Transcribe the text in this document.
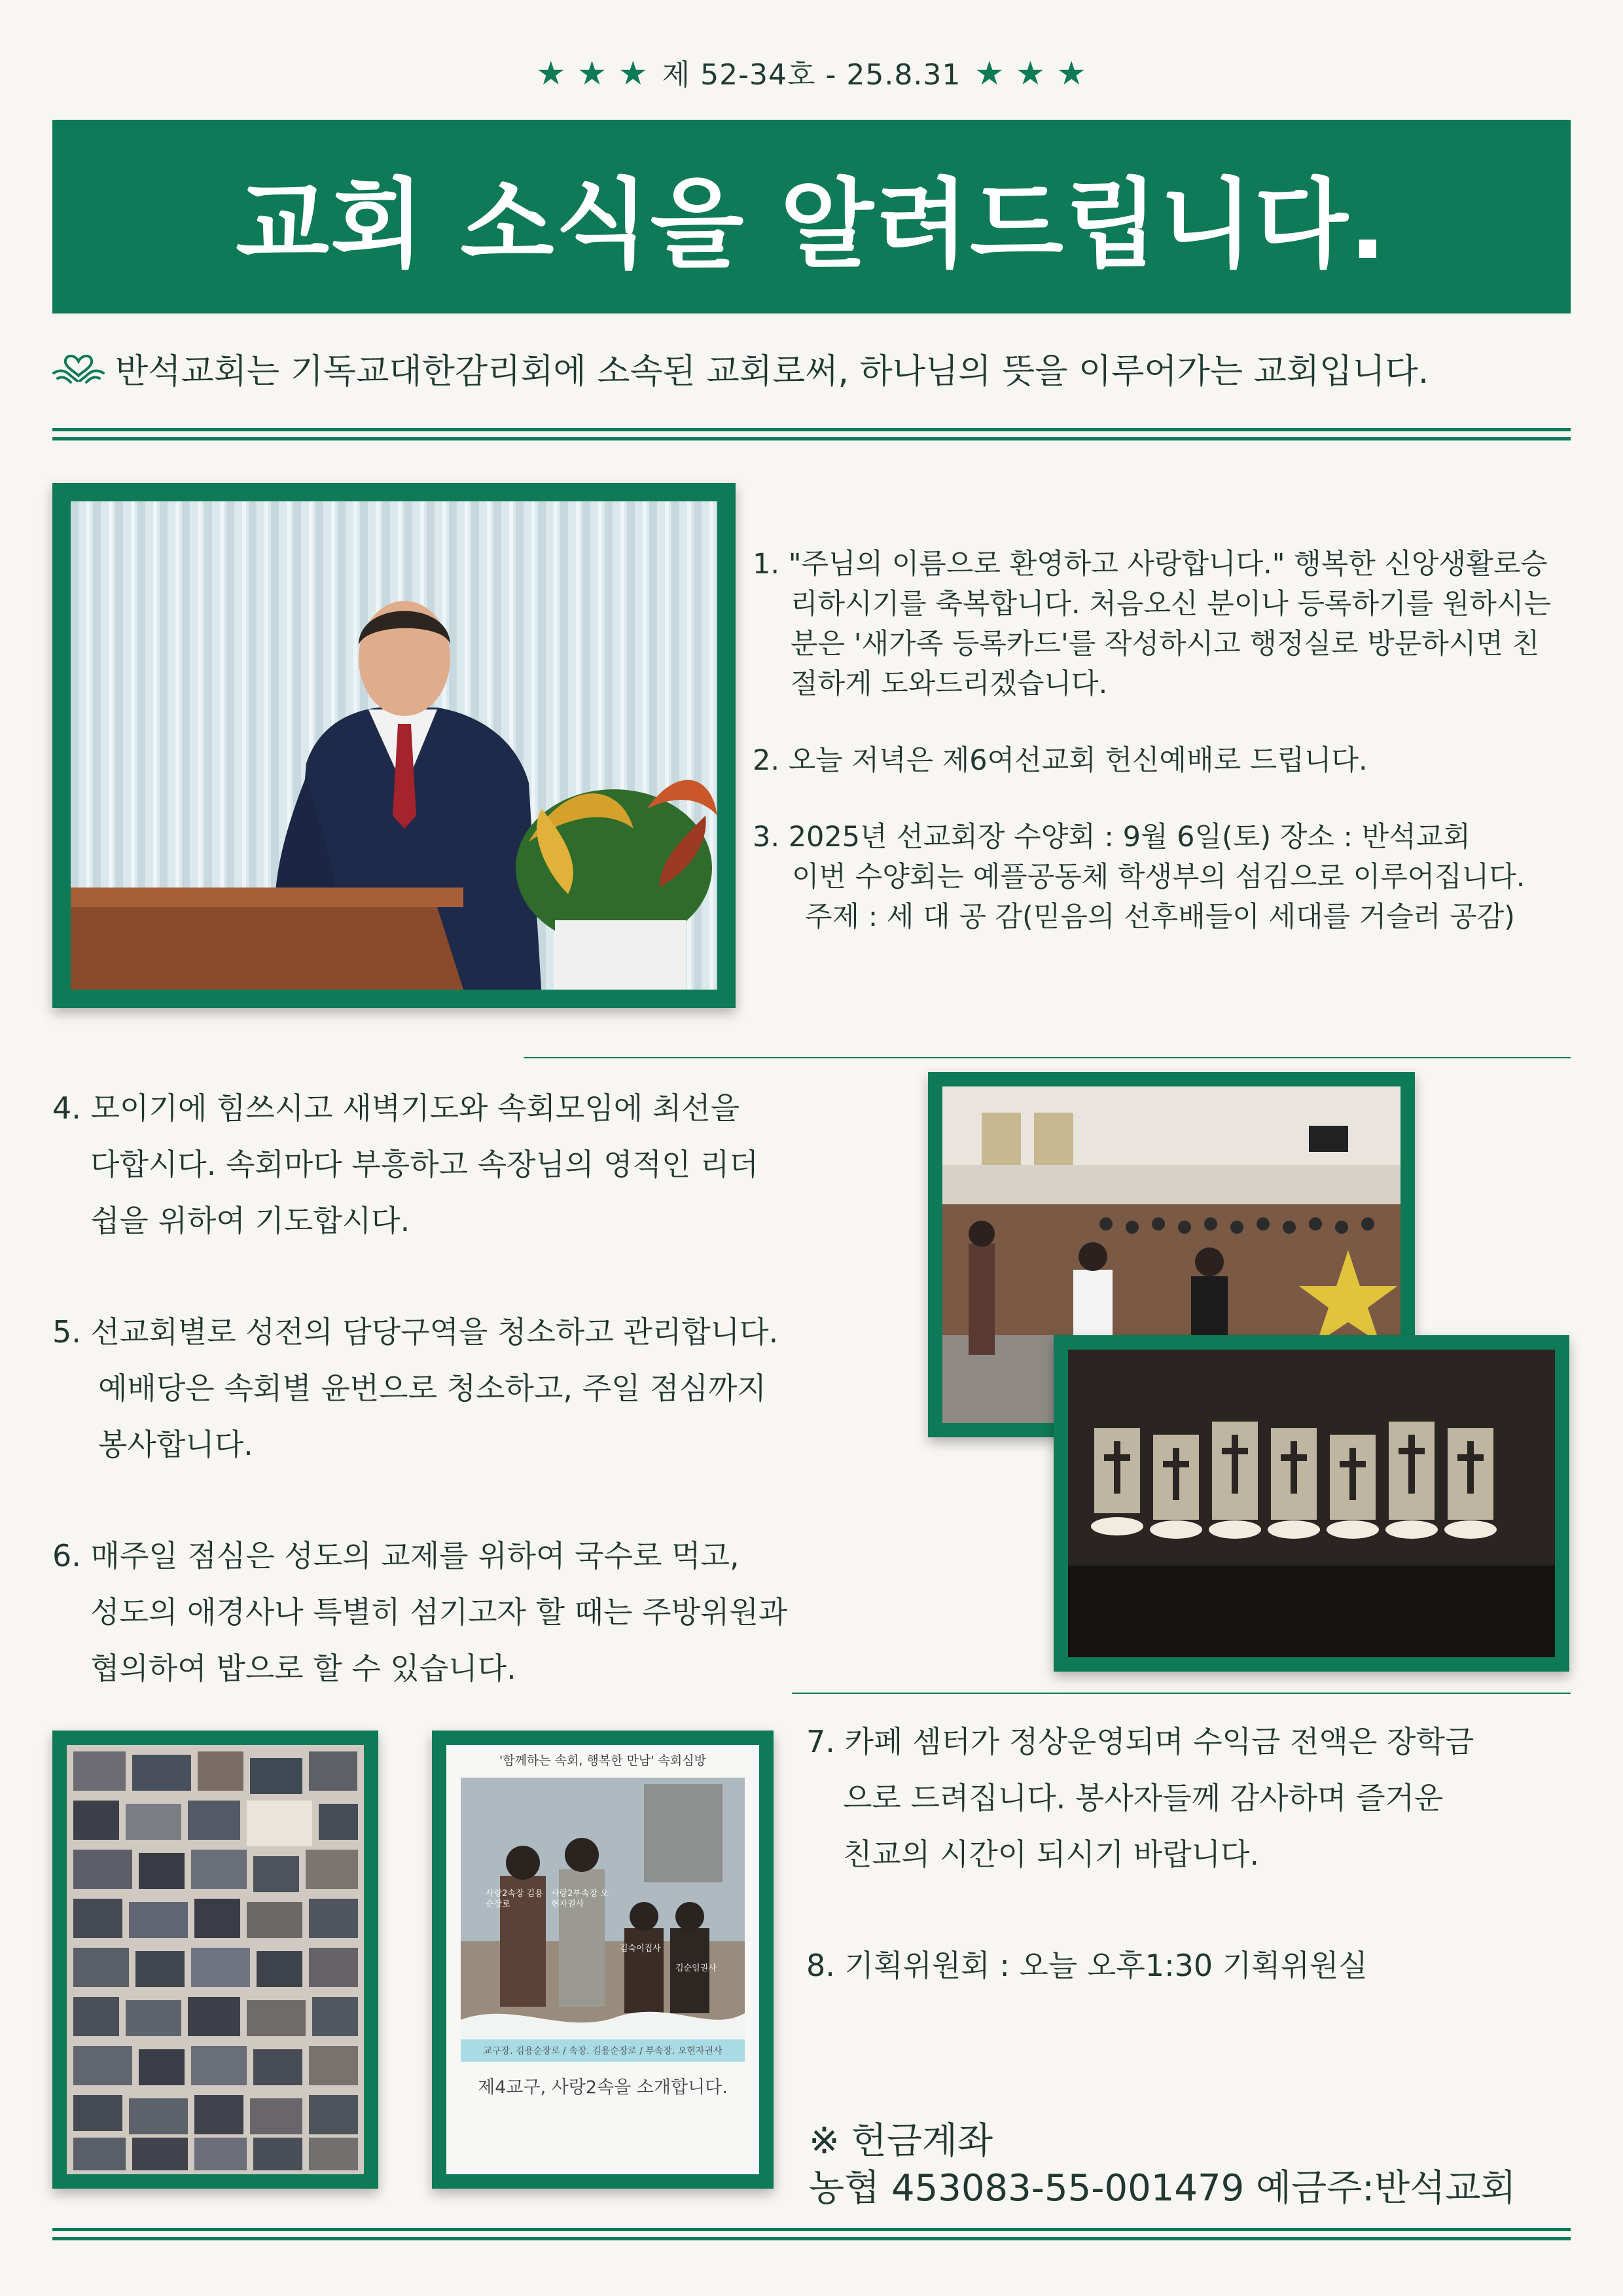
★ ★ ★ 제 52-34호 - 25.8.31 ★ ★ ★
교회 소식을 알려드립니다.
반석교회는 기독교대한감리회에 소속된 교회로써, 하나님의 뜻을 이루어가는 교회입니다.

1. "주님의 이름으로 환영하고 사랑합니다." 행복한 신앙생활로승

리하시기를 축복합니다. 처음오신 분이나 등록하기를 원하시는

분은 '새가족 등록카드'를 작성하시고 행정실로 방문하시면 친

절하게 도와드리겠습니다.

2. 오늘 저녁은 제6여선교회 헌신예배로 드립니다.

3. 2025년 선교회장 수양회 : 9월 6일(토) 장소 : 반석교회

이번 수양회는 예플공동체 학생부의 섬김으로 이루어집니다.

주제 : 세 대 공 감(믿음의 선후배들이 세대를 거슬러 공감)

4. 모이기에 힘쓰시고 새벽기도와 속회모임에 최선을

다합시다. 속회마다 부흥하고 속장님의 영적인 리더

쉽을 위하여 기도합시다.

5. 선교회별로 성전의 담당구역을 청소하고 관리합니다.

예배당은 속회별 윤번으로 청소하고, 주일 점심까지

봉사합니다.

6. 매주일 점심은 성도의 교제를 위하여 국수로 먹고,

성도의 애경사나 특별히 섬기고자 할 때는 주방위원과

협의하여 밥으로 할 수 있습니다.

'함께하는 속회, 행복한 만남' 속회심방
사랑2속장 김용순장로
사랑2부속장 오현자권사
김숙이집사
김순임권사
교구장. 김용순장로 / 속장. 김용순장로 / 부속장. 오현자권사
제4교구, 사랑2속을 소개합니다.

7. 카페 셈터가 정상운영되며 수익금 전액은 장학금

으로 드려집니다. 봉사자들께 감사하며 즐거운

친교의 시간이 되시기 바랍니다.

8. 기획위원회 : 오늘 오후1:30 기획위원실

※ 헌금계좌
농협 453083-55-001479 예금주:반석교회
